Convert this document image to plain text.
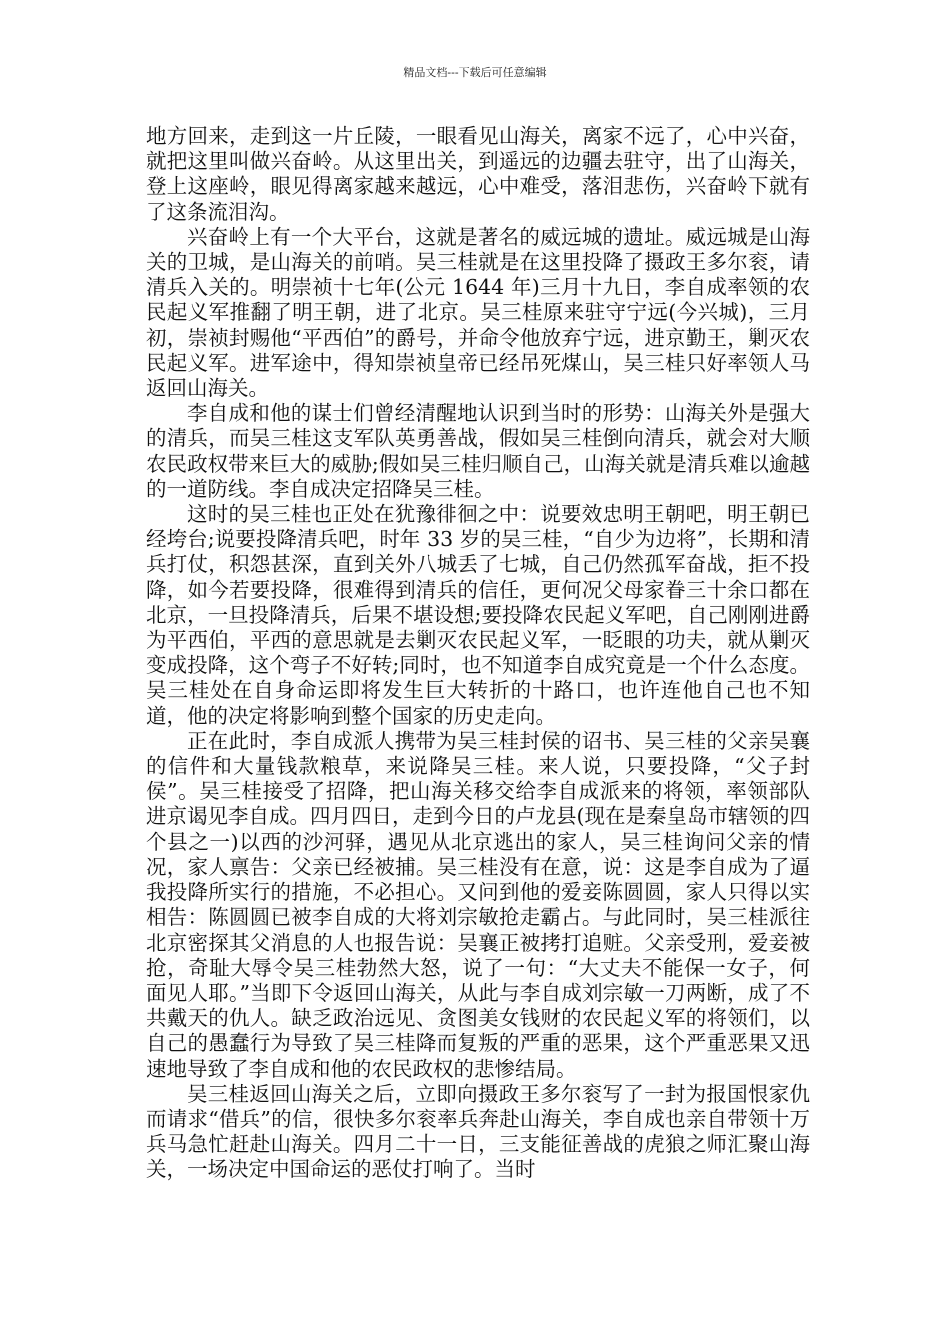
精品文档---下载后可任意编辑

地方回来，走到这一片丘陵，一眼看见山海关，离家不远了，心中兴奋，就把这里叫做兴奋岭。从这里出关，到遥远的边疆去驻守，出了山海关，登上这座岭，眼见得离家越来越远，心中难受，落泪悲伤，兴奋岭下就有了这条流泪沟。

兴奋岭上有一个大平台，这就是著名的威远城的遗址。威远城是山海关的卫城，是山海关的前哨。吴三桂就是在这里投降了摄政王多尔衮，请清兵入关的。明崇祯十七年(公元 1644 年)三月十九日，李自成率领的农民起义军推翻了明王朝，进了北京。吴三桂原来驻守宁远(今兴城)，三月初，崇祯封赐他“平西伯”的爵号，并命令他放弃宁远，进京勤王，剿灭农民起义军。进军途中，得知崇祯皇帝已经吊死煤山，吴三桂只好率领人马返回山海关。

李自成和他的谋士们曾经清醒地认识到当时的形势：山海关外是强大的清兵，而吴三桂这支军队英勇善战，假如吴三桂倒向清兵，就会对大顺农民政权带来巨大的威胁;假如吴三桂归顺自己，山海关就是清兵难以逾越的一道防线。李自成决定招降吴三桂。

这时的吴三桂也正处在犹豫徘徊之中：说要效忠明王朝吧，明王朝已经垮台;说要投降清兵吧，时年 33 岁的吴三桂，“自少为边将”，长期和清兵打仗，积怨甚深，直到关外八城丢了七城，自己仍然孤军奋战，拒不投降，如今若要投降，很难得到清兵的信任，更何况父母家眷三十余口都在北京，一旦投降清兵，后果不堪设想;要投降农民起义军吧，自己刚刚进爵为平西伯，平西的意思就是去剿灭农民起义军，一眨眼的功夫，就从剿灭变成投降，这个弯子不好转;同时，也不知道李自成究竟是一个什么态度。吴三桂处在自身命运即将发生巨大转折的十路口，也许连他自己也不知道，他的决定将影响到整个国家的历史走向。

正在此时，李自成派人携带为吴三桂封侯的诏书、吴三桂的父亲吴襄的信件和大量钱款粮草，来说降吴三桂。来人说，只要投降，“父子封侯”。吴三桂接受了招降，把山海关移交给李自成派来的将领，率领部队进京谒见李自成。四月四日，走到今日的卢龙县(现在是秦皇岛市辖领的四个县之一)以西的沙河驿，遇见从北京逃出的家人，吴三桂询问父亲的情况，家人禀告：父亲已经被捕。吴三桂没有在意，说：这是李自成为了逼我投降所实行的措施，不必担心。又问到他的爱妾陈圆圆，家人只得以实相告：陈圆圆已被李自成的大将刘宗敏抢走霸占。与此同时，吴三桂派往北京密探其父消息的人也报告说：吴襄正被拷打追赃。父亲受刑，爱妾被抢，奇耻大辱令吴三桂勃然大怒，说了一句：“大丈夫不能保一女子，何面见人耶。”当即下令返回山海关，从此与李自成刘宗敏一刀两断，成了不共戴天的仇人。缺乏政治远见、贪图美女钱财的农民起义军的将领们，以自己的愚蠢行为导致了吴三桂降而复叛的严重的恶果，这个严重恶果又迅速地导致了李自成和他的农民政权的悲惨结局。

吴三桂返回山海关之后，立即向摄政王多尔衮写了一封为报国恨家仇而请求“借兵”的信，很快多尔衮率兵奔赴山海关，李自成也亲自带领十万兵马急忙赶赴山海关。四月二十一日，三支能征善战的虎狼之师汇聚山海关，一场决定中国命运的恶仗打响了。当时
